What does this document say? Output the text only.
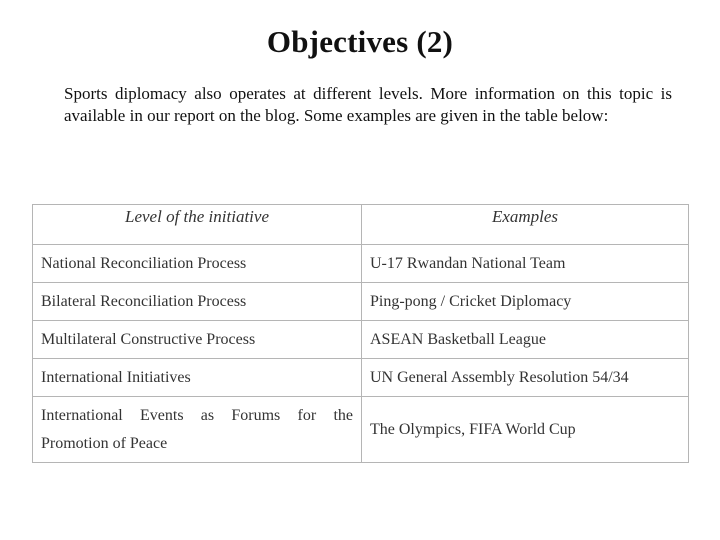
Objectives (2)

Sports diplomacy also operates at different levels. More information on this topic is available in our report on the blog. Some examples are given in the table below:

Level of the initiative	Examples
National Reconciliation Process	U-17 Rwandan National Team
Bilateral Reconciliation Process	Ping-pong / Cricket Diplomacy
Multilateral Constructive Process	ASEAN Basketball League
International Initiatives	UN General Assembly Resolution 54/34
International Events as Forums for the Promotion of Peace	The Olympics, FIFA World Cup
